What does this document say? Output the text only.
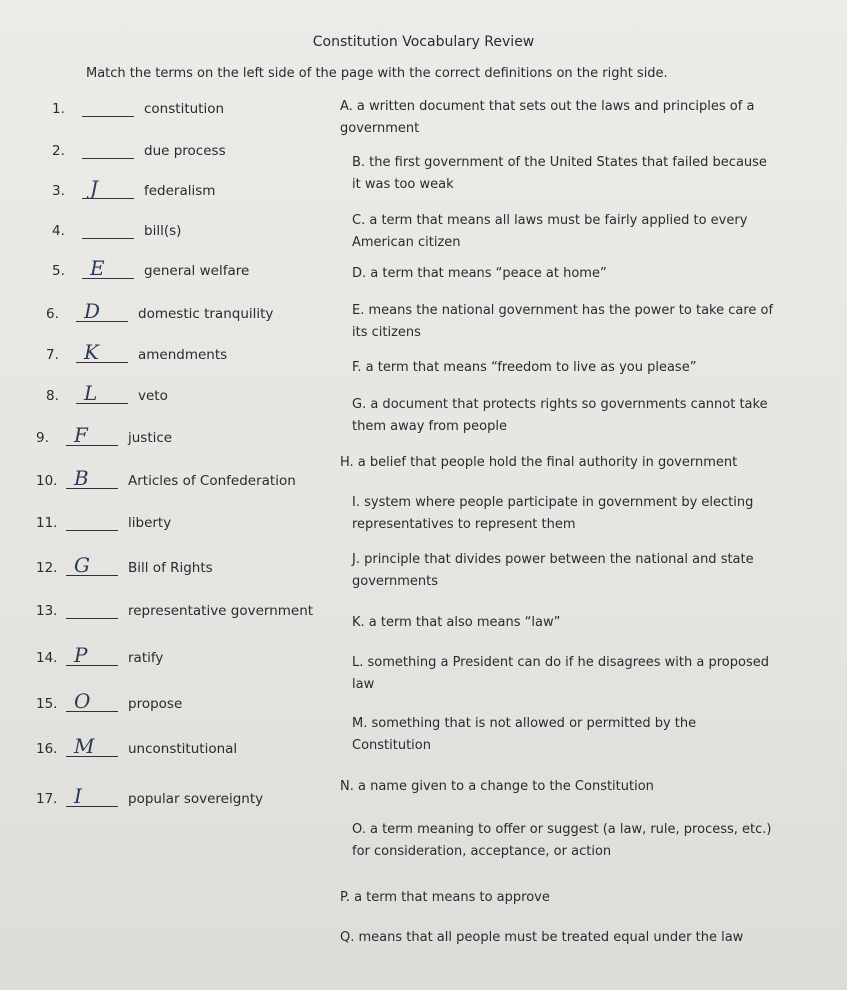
Constitution Vocabulary Review
Match the terms on the left side of the page with the correct definitions on the right side.
1.	constitution
2.	due process
3. J	federalism
4.	bill(s)
5. E	general welfare
6. D	domestic tranquility
7. K	amendments
8. L	veto
9. F	justice
10. B	Articles of Confederation
11.	liberty
12. G	Bill of Rights
13.	representative government
14. P	ratify
15. O	propose
16. M unconstitutional
17. I	popular sovereignty
A. a written document that sets out the laws and principles of a
government
B. the first government of the United States that failed because
it was too weak
C. a term that means all laws must be fairly applied to every
American citizen
D. a term that means “peace at home”
E. means the national government has the power to take care of
its citizens
F. a term that means “freedom to live as you please”
G. a document that protects rights so governments cannot take
them away from people
H. a belief that people hold the final authority in government
I. system where people participate in government by electing
representatives to represent them
J. principle that divides power between the national and state
governments
K. a term that also means “law”
L. something a President can do if he disagrees with a proposed
law
M. something that is not allowed or permitted by the
Constitution
N. a name given to a change to the Constitution
O. a term meaning to offer or suggest (a law, rule, process, etc.)
for consideration, acceptance, or action
P. a term that means to approve
Q. means that all people must be treated equal under the law
